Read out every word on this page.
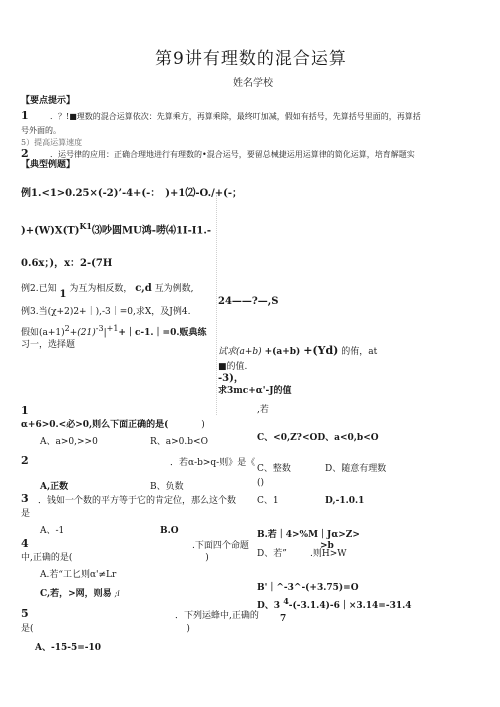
第9讲有理数的混合运算
姓名学校
【要点提示】
1	．？!■理数的混合运算依次：先算乘方，再算乘除，最终叮加减，假如有括号，先算括号里面的，再算括
号外面的。
5）提高运算速度
2	．运号律的应用：正确合理地进行有理数的•混合运号，要留总械捷运用运算律的简化运算，培育解题实
【典型例题】
例1.<1>0.25×(-2)’-4+(-：　)+1⑵-O./+(-；
)$+(W)X(T)^{K1}⑶$吵圆MU鸿-唠⑷1I-I1.-
0.6x；)，x：2-(7H
例2.已知 1 为互为相反数， c,d 互为例数,
例3.当(χ+2)2+｜),-3｜=0,求X，及J例4.
假如$(a+1)^2+(21)^{-3}|^{+1}+|c-1.|=0$.贩典练
习一，选择题
24——?—,S
试求(a+b) +(a+b) +(Yd) 的侑，at
■的值.
-3)，
求3mc+α'-J的值
1	,若
α+6>0.<必>0,则么下面正确的是(	)
A、a>0,>>0	R、a>0.b<O	C、<0,Z?<OD、a<0,b<O
2	．若α-b>q-则》是《
C、整数	D、随意有理数
()
A,正数	B、负数
3 ．钱如一个数的平方等于它的肯定位，那么这个数 C、1	D,-1.0.1
是
A、-1	B.O	B.若｜4>%M｜Jα>Z>
>b
4	.下面四个命题
D、若”	.则H>W
中,正确的是(	)
A.若“工匕则α'≠Lr
C,若，>网，则易 ;i
B'｜^-3^-(+3.75)=O
D、3 4-(-3.1.4)-6｜×3.14=-31.4
7
5	．下列运蜂中,正确的
是(	)
A、-15-5=-10
